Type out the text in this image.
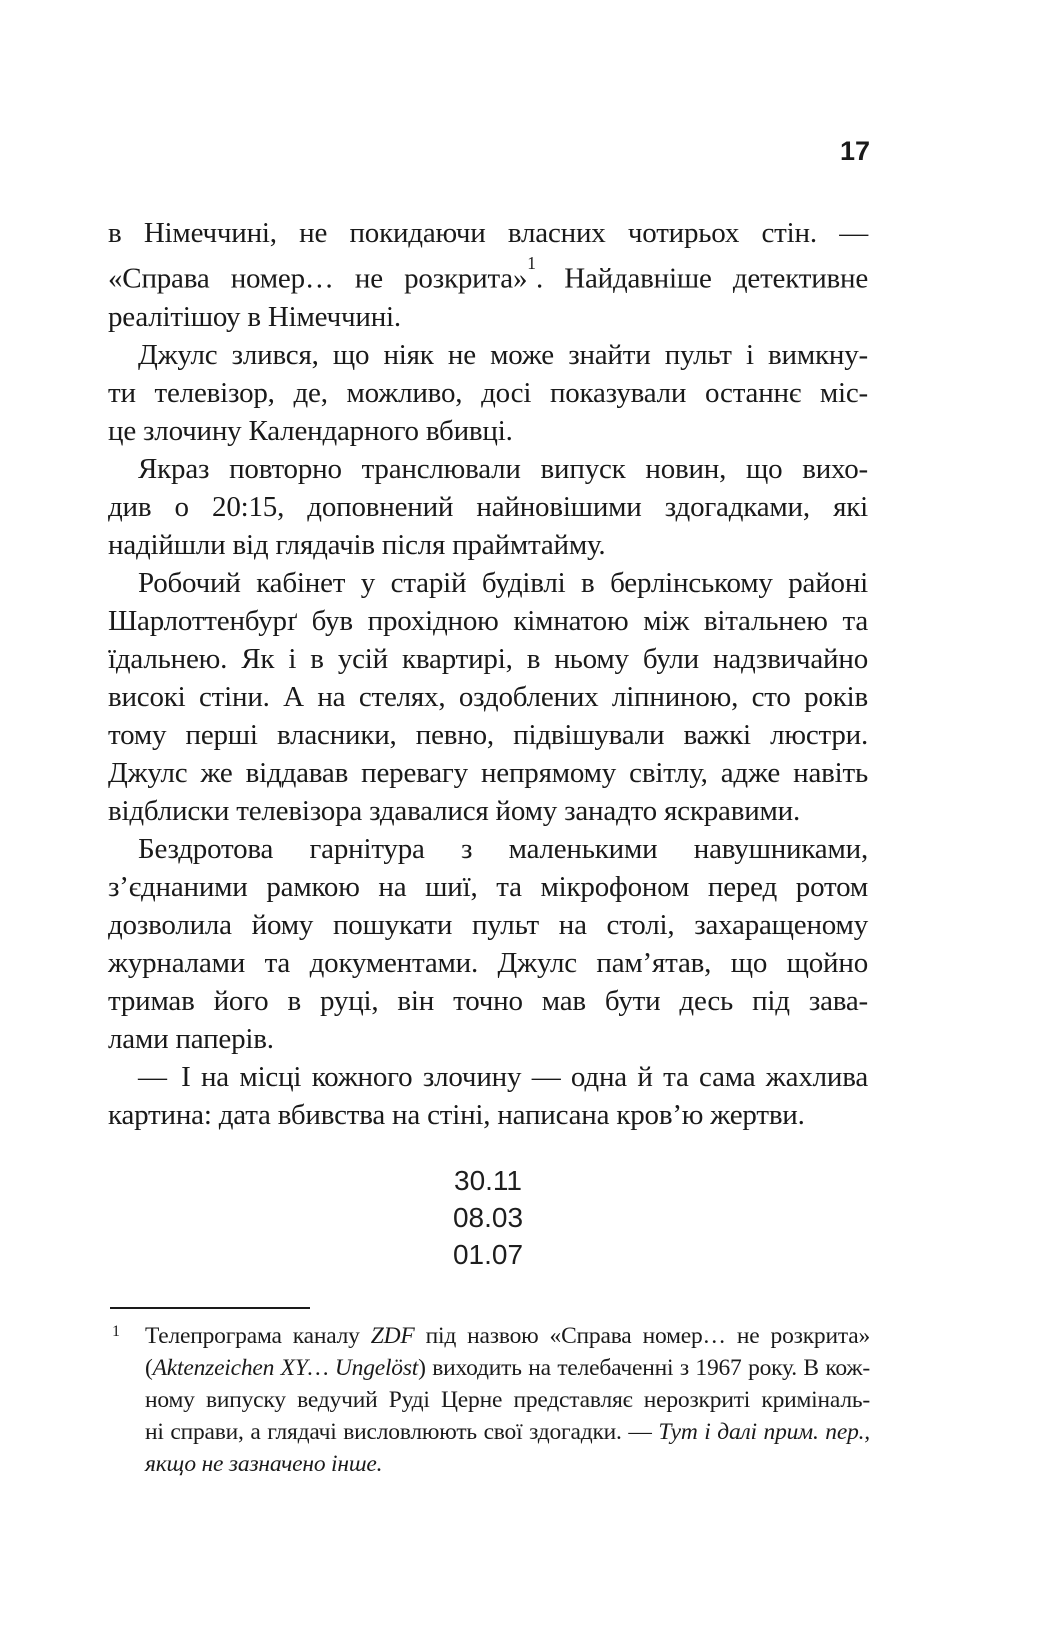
17
в Німеччині, не покидаючи власних чотирьох стін. —
«Справа номер… не розкрита»$^1$. Найдавніше детективне
реалітішоу в Німеччині.
Джулс злився, що ніяк не може знайти пульт і вимкну-
ти телевізор, де, можливо, досі показували останнє міс-
це злочину Календарного вбивці.
Якраз повторно транслювали випуск новин, що вихо-
див о 20:15, доповнений найновішими здогадками, які
надійшли від глядачів після праймтайму.
Робочий кабінет у старій будівлі в берлінському районі
Шарлоттенбурґ був прохідною кімнатою між вітальнею та
їдальнею. Як і в усій квартирі, в ньому були надзвичайно
високі стіни. А на стелях, оздоблених ліпниною, сто років
тому перші власники, певно, підвішували важкі люстри.
Джулс же віддавав перевагу непрямому світлу, адже навіть
відблиски телевізора здавалися йому занадто яскравими.
Бездротова гарнітура з маленькими навушниками,
з’єднаними рамкою на шиї, та мікрофоном перед ротом
дозволила йому пошукати пульт на столі, захаращеному
журналами та документами. Джулс пам’ятав, що щойно
тримав його в руці, він точно мав бути десь під зава-
лами паперів.
— І на місці кожного злочину — одна й та сама жахлива
картина: дата вбивства на стіні, написана кров’ю жертви.
30.11
08.03
01.07
1 Телепрограма каналу ZDF під назвою «Справа номер… не розкрита»
(Aktenzeichen XY… Ungelöst) виходить на телебаченні з 1967 року. В кож-
ному випуску ведучий Руді Церне представляє нерозкриті криміналь-
ні справи, а глядачі висловлюють свої здогадки. — Тут і далі прим. пер.,
якщо не зазначено інше.
